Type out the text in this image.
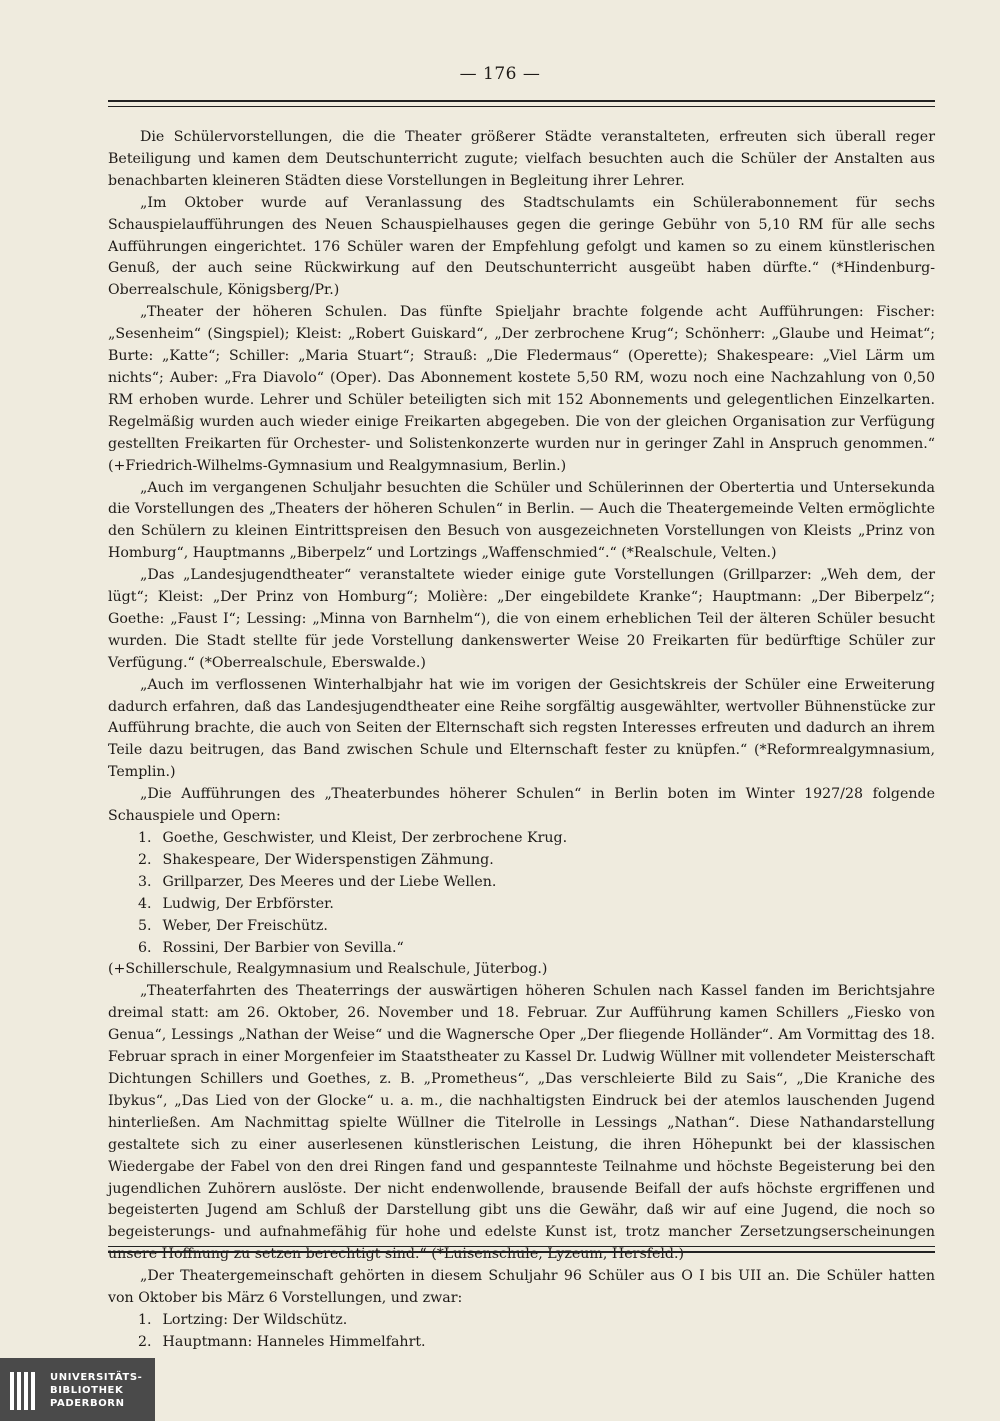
— 176 —

Die Schülervorstellungen, die die Theater größerer Städte veranstalteten, erfreuten sich überall reger Beteiligung und kamen dem Deutschunterricht zugute; vielfach besuchten auch die Schüler der Anstalten aus benachbarten kleineren Städten diese Vorstellungen in Begleitung ihrer Lehrer.

„Im Oktober wurde auf Veranlassung des Stadtschulamts ein Schülerabonnement für sechs Schauspielaufführungen des Neuen Schauspielhauses gegen die geringe Gebühr von 5,10 RM für alle sechs Aufführungen eingerichtet. 176 Schüler waren der Empfehlung gefolgt und kamen so zu einem künstlerischen Genuß, der auch seine Rückwirkung auf den Deutschunterricht ausgeübt haben dürfte.“ (*Hindenburg-Oberrealschule, Königsberg/Pr.)

„Theater der höheren Schulen. Das fünfte Spieljahr brachte folgende acht Aufführungen: Fischer: „Sesenheim“ (Singspiel); Kleist: „Robert Guiskard“, „Der zerbrochene Krug“; Schönherr: „Glaube und Heimat“; Burte: „Katte“; Schiller: „Maria Stuart“; Strauß: „Die Fledermaus“ (Operette); Shakespeare: „Viel Lärm um nichts“; Auber: „Fra Diavolo“ (Oper). Das Abonnement kostete 5,50 RM, wozu noch eine Nachzahlung von 0,50 RM erhoben wurde. Lehrer und Schüler beteiligten sich mit 152 Abonnements und gelegentlichen Einzelkarten. Regelmäßig wurden auch wieder einige Freikarten abgegeben. Die von der gleichen Organisation zur Verfügung gestellten Freikarten für Orchester- und Solistenkonzerte wurden nur in geringer Zahl in Anspruch genommen.“ (+Friedrich-Wilhelms-Gymnasium und Realgymnasium, Berlin.)

„Auch im vergangenen Schuljahr besuchten die Schüler und Schülerinnen der Obertertia und Untersekunda die Vorstellungen des „Theaters der höheren Schulen“ in Berlin. — Auch die Theatergemeinde Velten ermöglichte den Schülern zu kleinen Eintrittspreisen den Besuch von ausgezeichneten Vorstellungen von Kleists „Prinz von Homburg“, Hauptmanns „Biberpelz“ und Lortzings „Waffenschmied“.“ (*Realschule, Velten.)

„Das „Landesjugendtheater“ veranstaltete wieder einige gute Vorstellungen (Grillparzer: „Weh dem, der lügt“; Kleist: „Der Prinz von Homburg“; Molière: „Der eingebildete Kranke“; Hauptmann: „Der Biberpelz“; Goethe: „Faust I“; Lessing: „Minna von Barnhelm“), die von einem erheblichen Teil der älteren Schüler besucht wurden. Die Stadt stellte für jede Vorstellung dankenswerter Weise 20 Freikarten für bedürftige Schüler zur Verfügung.“ (*Oberrealschule, Eberswalde.)

„Auch im verflossenen Winterhalbjahr hat wie im vorigen der Gesichtskreis der Schüler eine Erweiterung dadurch erfahren, daß das Landesjugendtheater eine Reihe sorgfältig ausgewählter, wertvoller Bühnenstücke zur Aufführung brachte, die auch von Seiten der Elternschaft sich regsten Interesses erfreuten und dadurch an ihrem Teile dazu beitrugen, das Band zwischen Schule und Elternschaft fester zu knüpfen.“ (*Reformrealgymnasium, Templin.)

„Die Aufführungen des „Theaterbundes höherer Schulen“ in Berlin boten im Winter 1927/28 folgende Schauspiele und Opern:

1. Goethe, Geschwister, und Kleist, Der zerbrochene Krug.
2. Shakespeare, Der Widerspenstigen Zähmung.
3. Grillparzer, Des Meeres und der Liebe Wellen.
4. Ludwig, Der Erbförster.
5. Weber, Der Freischütz.
6. Rossini, Der Barbier von Sevilla.“

(+Schillerschule, Realgymnasium und Realschule, Jüterbog.)

„Theaterfahrten des Theaterrings der auswärtigen höheren Schulen nach Kassel fanden im Berichtsjahre dreimal statt: am 26. Oktober, 26. November und 18. Februar. Zur Aufführung kamen Schillers „Fiesko von Genua“, Lessings „Nathan der Weise“ und die Wagnersche Oper „Der fliegende Holländer“. Am Vormittag des 18. Februar sprach in einer Morgenfeier im Staatstheater zu Kassel Dr. Ludwig Wüllner mit vollendeter Meisterschaft Dichtungen Schillers und Goethes, z. B. „Prometheus“, „Das verschleierte Bild zu Sais“, „Die Kraniche des Ibykus“, „Das Lied von der Glocke“ u. a. m., die nachhaltigsten Eindruck bei der atemlos lauschenden Jugend hinterließen. Am Nachmittag spielte Wüllner die Titelrolle in Lessings „Nathan“. Diese Nathandarstellung gestaltete sich zu einer auserlesenen künstlerischen Leistung, die ihren Höhepunkt bei der klassischen Wiedergabe der Fabel von den drei Ringen fand und gespannteste Teilnahme und höchste Begeisterung bei den jugendlichen Zuhörern auslöste. Der nicht endenwollende, brausende Beifall der aufs höchste ergriffenen und begeisterten Jugend am Schluß der Darstellung gibt uns die Gewähr, daß wir auf eine Jugend, die noch so begeisterungs- und aufnahmefähig für hohe und edelste Kunst ist, trotz mancher Zersetzungserscheinungen unsere Hoffnung zu setzen berechtigt sind.“ (*Luisenschule, Lyzeum, Hersfeld.)

„Der Theatergemeinschaft gehörten in diesem Schuljahr 96 Schüler aus O I bis UII an. Die Schüler hatten von Oktober bis März 6 Vorstellungen, und zwar:

1. Lortzing: Der Wildschütz.
2. Hauptmann: Hanneles Himmelfahrt.
UNIVERSITÄTS-
BIBLIOTHEK
PADERBORN
